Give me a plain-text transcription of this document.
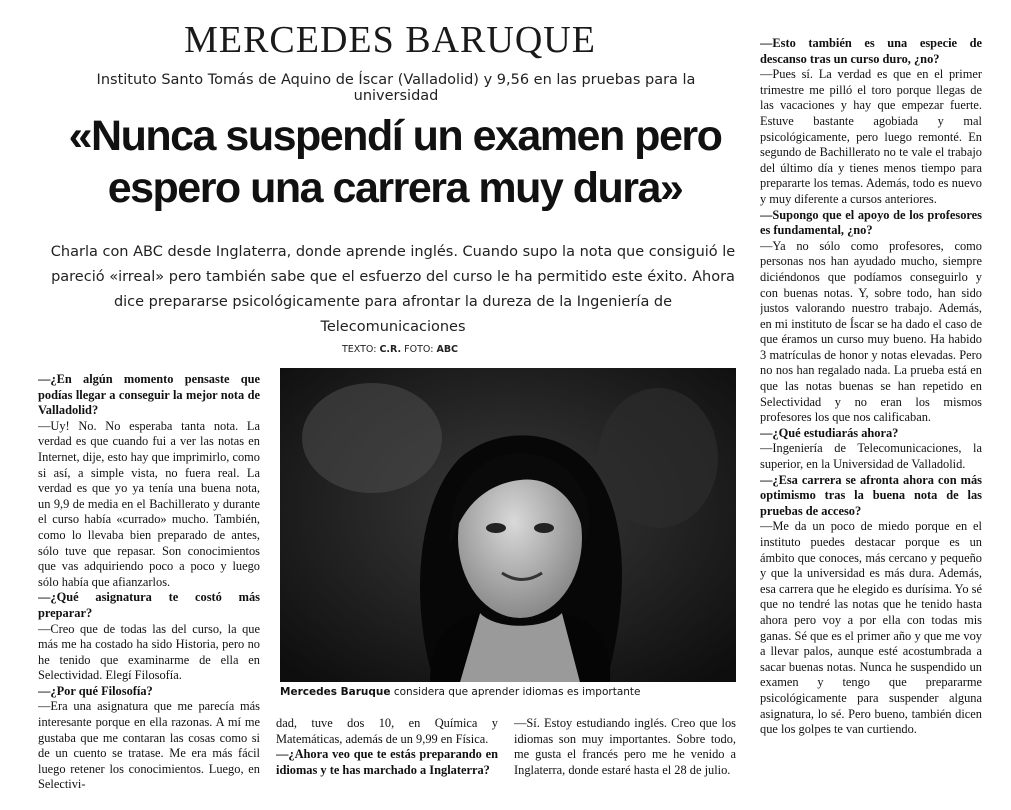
MERCEDES BARUQUE
Instituto Santo Tomás de Aquino de Íscar (Valladolid) y 9,56 en las pruebas para la universidad
«Nunca suspendí un examen pero
espero una carrera muy dura»
Charla con ABC desde Inglaterra, donde aprende inglés. Cuando supo la nota que consiguió le pareció «irreal» pero también sabe que el esfuerzo del curso le ha permitido este éxito. Ahora dice prepararse psicológicamente para afrontar la dureza de la Ingeniería de Telecomunicaciones
TEXTO: C.R. FOTO: ABC

—¿En algún momento pensaste que podías llegar a conseguir la mejor nota de Valladolid?

—Uy! No. No esperaba tanta nota. La verdad es que cuando fui a ver las notas en Internet, dije, esto hay que imprimirlo, como si así, a simple vista, no fuera real. La verdad es que yo ya tenía una buena nota, un 9,9 de media en el Bachillerato y durante el curso había «currado» mucho. También, como lo llevaba bien preparado de antes, sólo tuve que repasar. Son conocimientos que vas adquiriendo poco a poco y luego sólo había que afianzarlos.

—¿Qué asignatura te costó más preparar?

—Creo que de todas las del curso, la que más me ha costado ha sido Historia, pero no he tenido que examinarme de ella en Selectividad. Elegí Filosofía.

—¿Por qué Filosofía?

—Era una asignatura que me parecía más interesante porque en ella razonas. A mí me gustaba que me contaran las cosas como si de un cuento se tratase. Me era más fácil luego retener los conocimientos. Luego, en Selectivi-

Mercedes Baruque considera que aprender idiomas es importante

dad, tuve dos 10, en Química y Matemáticas, además de un 9,99 en Física.

—¿Ahora veo que te estás preparando en idiomas y te has marchado a Inglaterra?

—Sí. Estoy estudiando inglés. Creo que los idiomas son muy importantes. Sobre todo, me gusta el francés pero me he venido a Inglaterra, donde estaré hasta el 28 de julio.

—Esto también es una especie de descanso tras un curso duro, ¿no?

—Pues sí. La verdad es que en el primer trimestre me pilló el toro porque llegas de las vacaciones y hay que empezar fuerte. Estuve bastante agobiada y mal psicológicamente, pero luego remonté. En segundo de Bachillerato no te vale el trabajo del último día y tienes menos tiempo para prepararte los temas. Además, todo es nuevo y muy diferente a cursos anteriores.

—Supongo que el apoyo de los profesores es fundamental, ¿no?

—Ya no sólo como profesores, como personas nos han ayudado mucho, siempre diciéndonos que podíamos conseguirlo y con buenas notas. Y, sobre todo, han sido justos valorando nuestro trabajo. Además, en mi instituto de Íscar se ha dado el caso de que éramos un curso muy bueno. Ha habido 3 matrículas de honor y notas elevadas. Pero no nos han regalado nada. La prueba está en que las notas buenas se han repetido en Selectividad y no eran los mismos profesores los que nos calificaban.

—¿Qué estudiarás ahora?

—Ingeniería de Telecomunicaciones, la superior, en la Universidad de Valladolid.

—¿Esa carrera se afronta ahora con más optimismo tras la buena nota de las pruebas de acceso?

—Me da un poco de miedo porque en el instituto puedes destacar porque es un ámbito que conoces, más cercano y pequeño y que la universidad es más dura. Además, esa carrera que he elegido es durísima. Yo sé que no tendré las notas que he tenido hasta ahora pero voy a por ella con todas mis ganas. Sé que es el primer año y que me voy a llevar palos, aunque esté acostumbrada a sacar buenas notas. Nunca he suspendido un examen y tengo que prepararme psicológicamente para suspender alguna asignatura, lo sé. Pero bueno, también dicen que los golpes te van curtiendo.
